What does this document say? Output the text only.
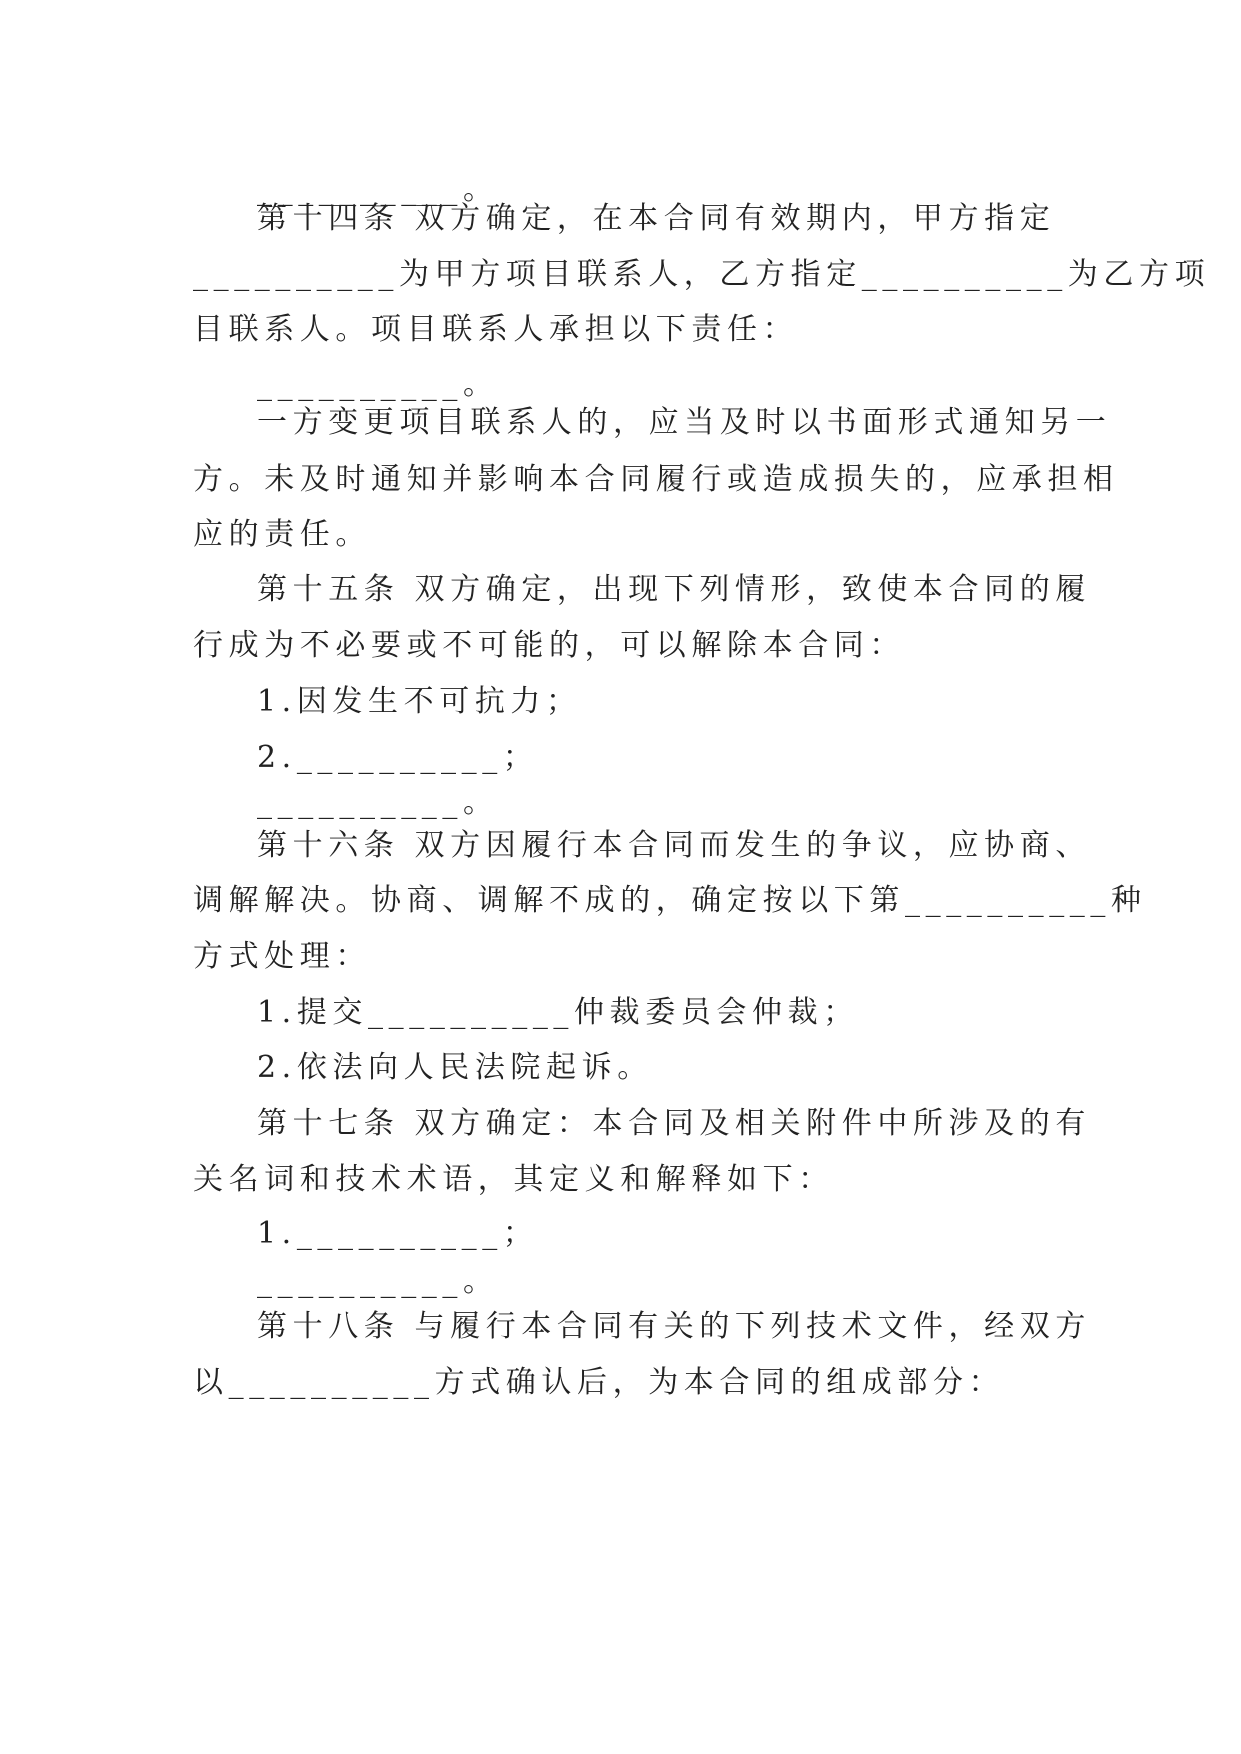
__________。

第十四条 双方确定，在本合同有效期内，甲方指定

__________为甲方项目联系人，乙方指定__________为乙方项

目联系人。项目联系人承担以下责任：

__________。

一方变更项目联系人的，应当及时以书面形式通知另一

方。未及时通知并影响本合同履行或造成损失的，应承担相

应的责任。

第十五条 双方确定，出现下列情形，致使本合同的履

行成为不必要或不可能的，可以解除本合同：

1.因发生不可抗力；

2.__________；

__________。

第十六条 双方因履行本合同而发生的争议，应协商、

调解解决。协商、调解不成的，确定按以下第__________种

方式处理：

1.提交__________仲裁委员会仲裁；

2.依法向人民法院起诉。

第十七条 双方确定：本合同及相关附件中所涉及的有

关名词和技术术语，其定义和解释如下：

1.__________；

__________。

第十八条 与履行本合同有关的下列技术文件，经双方

以__________方式确认后，为本合同的组成部分：
